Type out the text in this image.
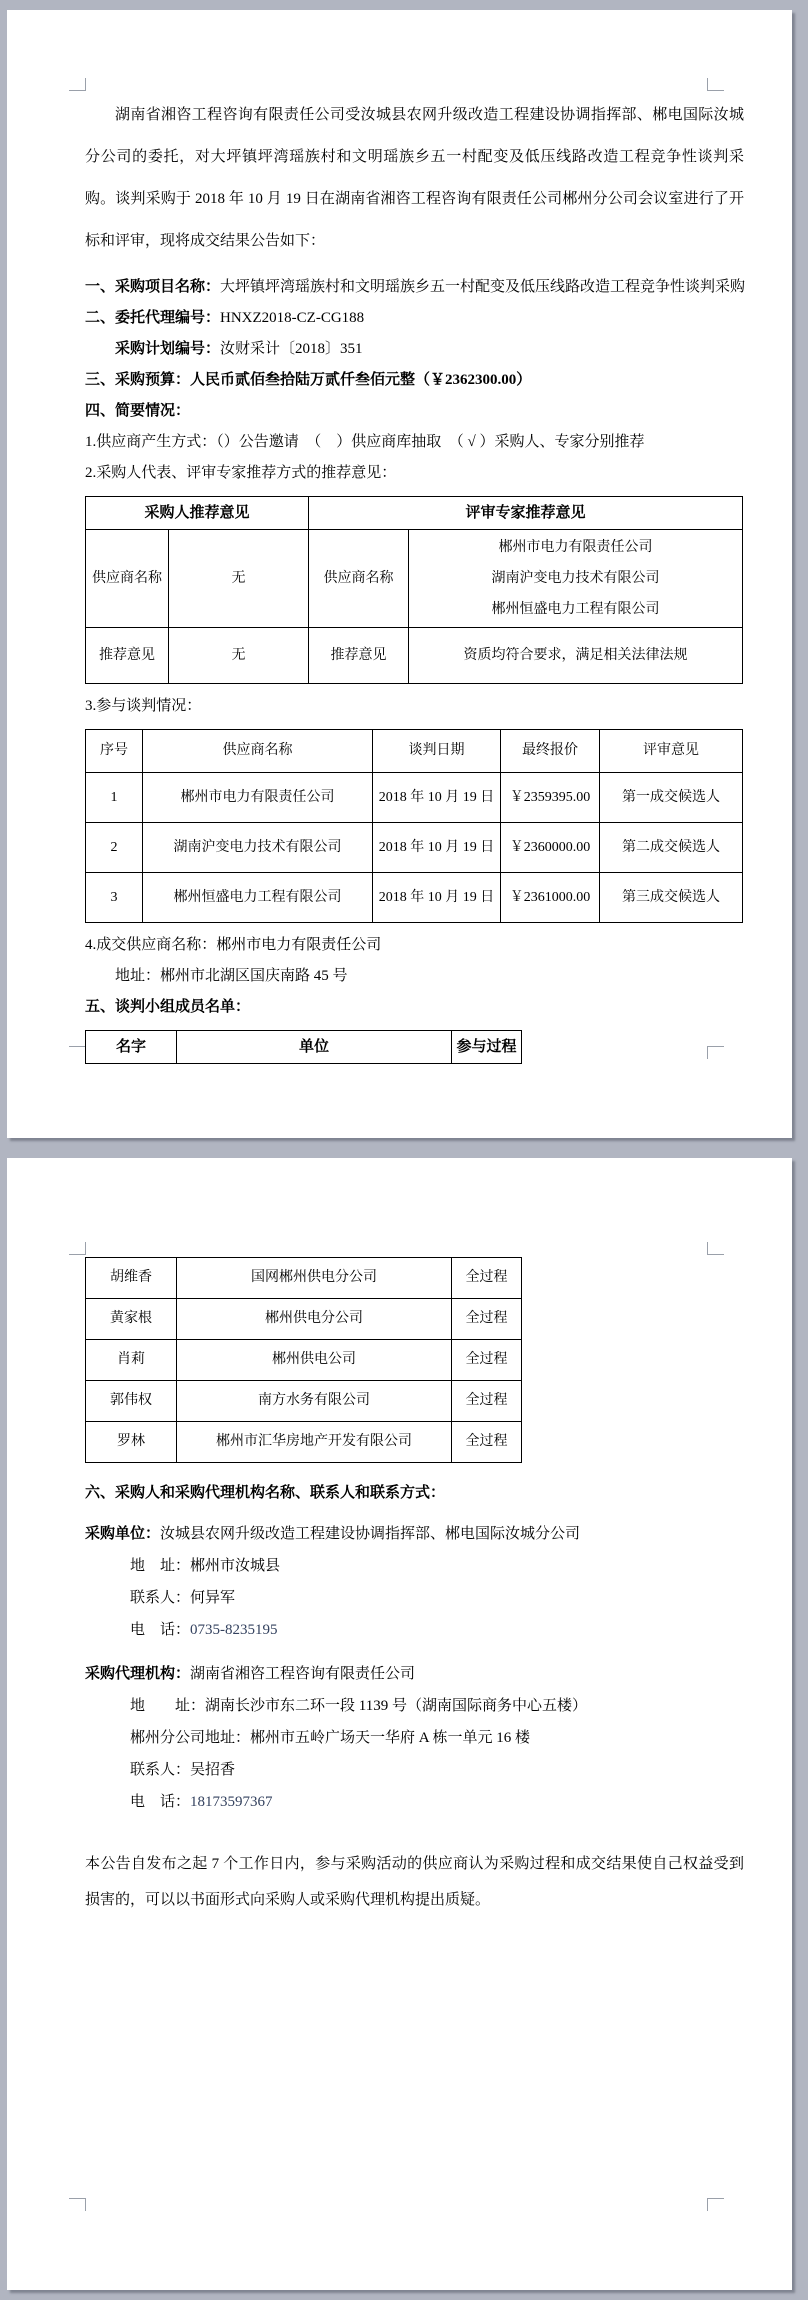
湖南省湘咨工程咨询有限责任公司受汝城县农网升级改造工程建设协调指挥部、郴电国际汝城分公司的委托，对大坪镇坪湾瑶族村和文明瑶族乡五一村配变及低压线路改造工程竞争性谈判采　购。谈判采购于 2018 年 10 月 19 日在湖南省湘咨工程咨询有限责任公司郴州分公司会议室进行了开标和评审，现将成交结果公告如下：

一、采购项目名称：大坪镇坪湾瑶族村和文明瑶族乡五一村配变及低压线路改造工程竞争性谈判采购
二、委托代理编号：HNXZ2018-CZ-CG188
采购计划编号：汝财采计〔2018〕351
三、采购预算：人民币贰佰叁拾陆万贰仟叁佰元整（￥2362300.00）
四、简要情况：
1.供应商产生方式：（）公告邀请　（　）供应商库抽取　（ √ ）采购人、专家分别推荐
2.采购人代表、评审专家推荐方式的推荐意见：
采购人推荐意见		评审专家推荐意见	
供应商名称	无	供应商名称	郴州市电力有限责任公司
湖南沪变电力技术有限公司
郴州恒盛电力工程有限公司

推荐意见	无	推荐意见	资质均符合要求，满足相关法律法规
3.参与谈判情况：
序号	供应商名称	谈判日期	最终报价	评审意见
1	郴州市电力有限责任公司	2018 年 10 月 19 日	￥2359395.00	第一成交候选人
2	湖南沪变电力技术有限公司	2018 年 10 月 19 日	￥2360000.00	第二成交候选人
3	郴州恒盛电力工程有限公司	2018 年 10 月 19 日	￥2361000.00	第三成交候选人
4.成交供应商名称：郴州市电力有限责任公司
地址：郴州市北湖区国庆南路 45 号
五、谈判小组成员名单：
名字	单位	参与过程
胡维香	国网郴州供电分公司	全过程
黄家根	郴州供电分公司	全过程
肖莉	郴州供电公司	全过程
郭伟权	南方水务有限公司	全过程
罗林	郴州市汇华房地产开发有限公司	全过程
六、采购人和采购代理机构名称、联系人和联系方式：
采购单位：汝城县农网升级改造工程建设协调指挥部、郴电国际汝城分公司
地　址：郴州市汝城县
联系人：何异军
电　话：0735-8235195
采购代理机构：湖南省湘咨工程咨询有限责任公司
地　　址：湖南长沙市东二环一段 1139 号（湖南国际商务中心五楼）
郴州分公司地址：郴州市五岭广场天一华府 A 栋一单元 16 楼
联系人：吴招香
电　话：18173597367

本公告自发布之起 7 个工作日内，参与采购活动的供应商认为采购过程和成交结果使自己权益受到损害的，可以以书面形式向采购人或采购代理机构提出质疑。
